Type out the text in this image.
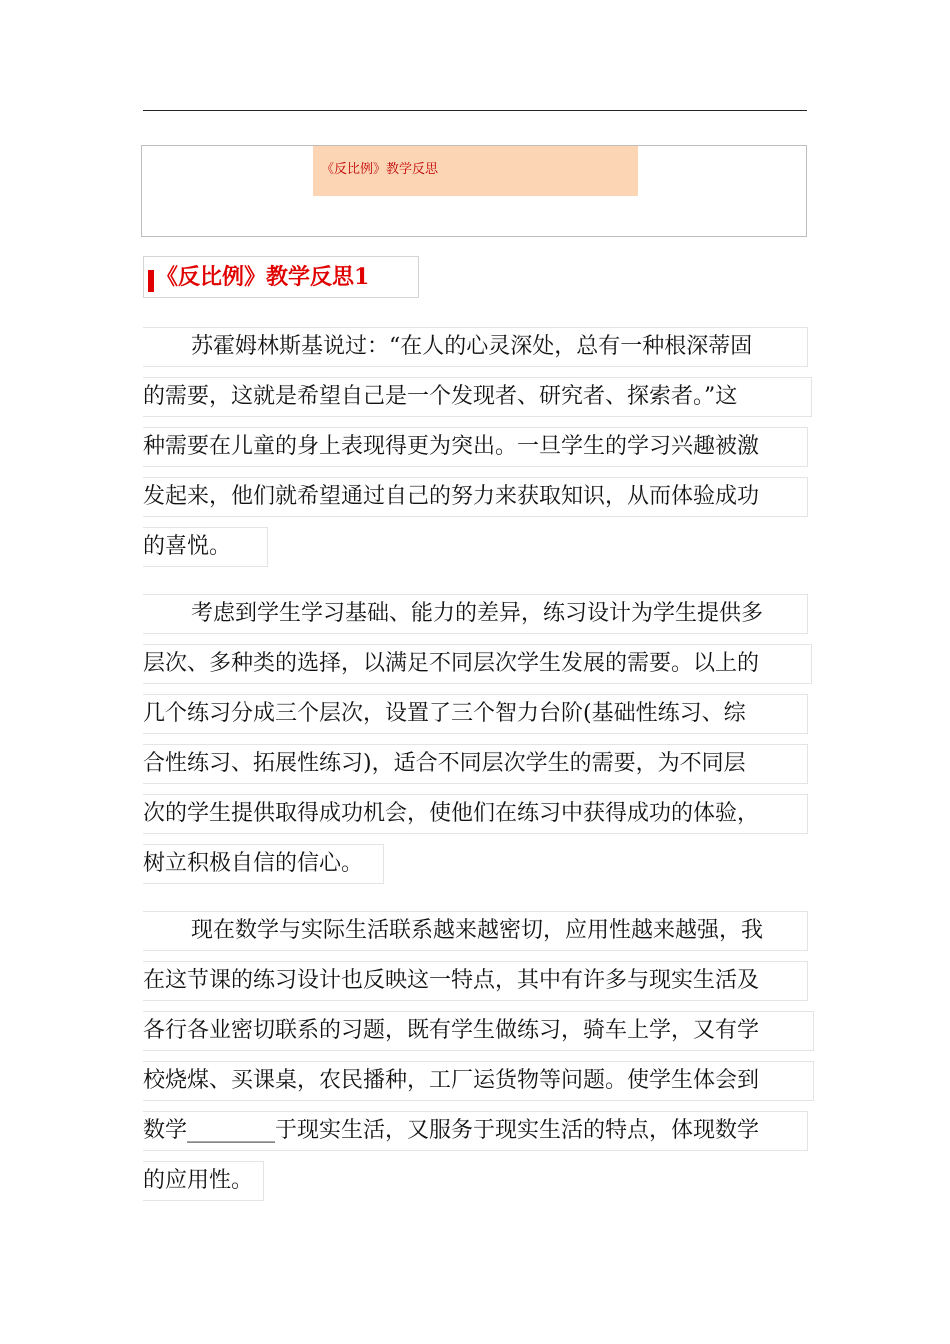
《反比例》教学反思
《反比例》教学反思1
苏霍姆林斯基说过：“在人的心灵深处，总有一种根深蒂固
的需要，这就是希望自己是一个发现者、研究者、探索者。”这
种需要在儿童的身上表现得更为突出。一旦学生的学习兴趣被激
发起来，他们就希望通过自己的努力来获取知识，从而体验成功
的喜悦。
考虑到学生学习基础、能力的差异，练习设计为学生提供多
层次、多种类的选择，以满足不同层次学生发展的需要。以上的
几个练习分成三个层次，设置了三个智力台阶(基础性练习、综
合性练习、拓展性练习)，适合不同层次学生的需要，为不同层
次的学生提供取得成功机会，使他们在练习中获得成功的体验，
树立积极自信的信心。
现在数学与实际生活联系越来越密切，应用性越来越强，我
在这节课的练习设计也反映这一特点，其中有许多与现实生活及
各行各业密切联系的习题，既有学生做练习，骑车上学，又有学
校烧煤、买课桌，农民播种，工厂运货物等问题。使学生体会到
数学________于现实生活，又服务于现实生活的特点，体现数学
的应用性。
